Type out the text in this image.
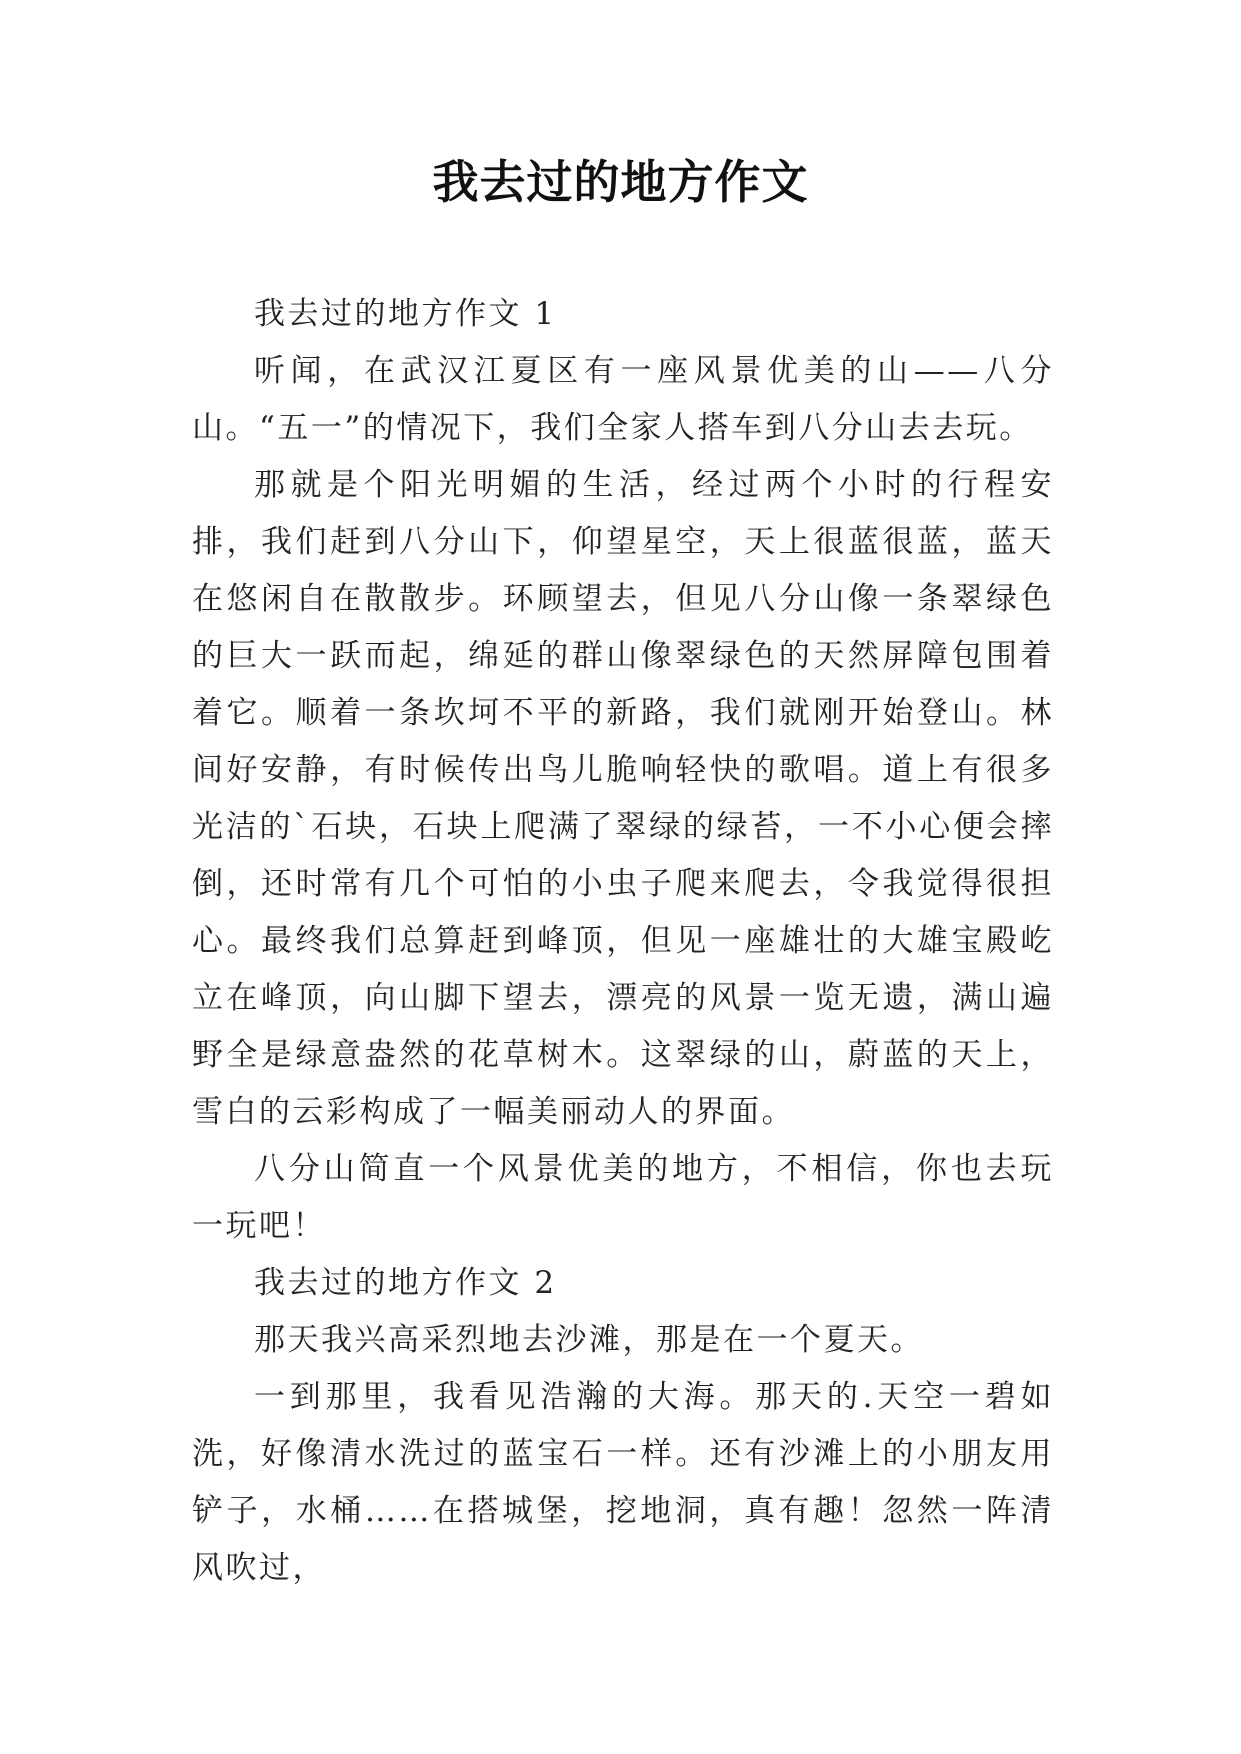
我去过的地方作文

我去过的地方作文 1

听闻，在武汉江夏区有一座风景优美的山——八分山。“五一”的情况下，我们全家人搭车到八分山去去玩。

那就是个阳光明媚的生活，经过两个小时的行程安排，我们赶到八分山下，仰望星空，天上很蓝很蓝，蓝天在悠闲自在散散步。环顾望去，但见八分山像一条翠绿色的巨大一跃而起，绵延的群山像翠绿色的天然屏障包围着着它。顺着一条坎坷不平的新路，我们就刚开始登山。林间好安静，有时候传出鸟儿脆响轻快的歌唱。道上有很多光洁的`石块，石块上爬满了翠绿的绿苔，一不小心便会摔倒，还时常有几个可怕的小虫子爬来爬去，令我觉得很担心。最终我们总算赶到峰顶，但见一座雄壮的大雄宝殿屹立在峰顶，向山脚下望去，漂亮的风景一览无遗，满山遍野全是绿意盎然的花草树木。这翠绿的山，蔚蓝的天上，雪白的云彩构成了一幅美丽动人的界面。

八分山简直一个风景优美的地方，不相信，你也去玩一玩吧！

我去过的地方作文 2

那天我兴高采烈地去沙滩，那是在一个夏天。

一到那里，我看见浩瀚的大海。那天的.天空一碧如洗，好像清水洗过的蓝宝石一样。还有沙滩上的小朋友用铲子，水桶……在搭城堡，挖地洞，真有趣！忽然一阵清风吹过，
